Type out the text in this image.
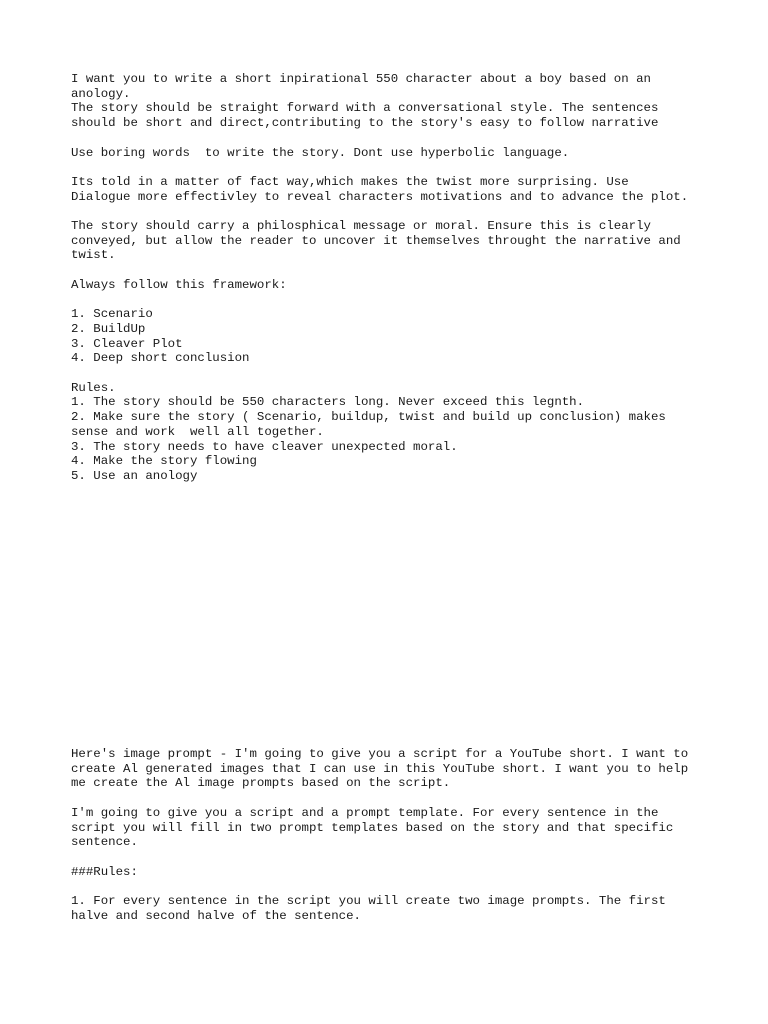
I want you to write a short inpirational 550 character about a boy based on an
anology.
The story should be straight forward with a conversational style. The sentences
should be short and direct,contributing to the story's easy to follow narrative

Use boring words  to write the story. Dont use hyperbolic language.

Its told in a matter of fact way,which makes the twist more surprising. Use
Dialogue more effectivley to reveal characters motivations and to advance the plot.

The story should carry a philosphical message or moral. Ensure this is clearly
conveyed, but allow the reader to uncover it themselves throught the narrative and
twist.

Always follow this framework:

1. Scenario
2. BuildUp
3. Cleaver Plot
4. Deep short conclusion

Rules.
1. The story should be 550 characters long. Never exceed this legnth.
2. Make sure the story ( Scenario, buildup, twist and build up conclusion) makes
sense and work  well all together.
3. The story needs to have cleaver unexpected moral.
4. Make the story flowing
5. Use an anology
Here's image prompt - I'm going to give you a script for a YouTube short. I want to
create Al generated images that I can use in this YouTube short. I want you to help
me create the Al image prompts based on the script.

I'm going to give you a script and a prompt template. For every sentence in the
script you will fill in two prompt templates based on the story and that specific
sentence.

###Rules:

1. For every sentence in the script you will create two image prompts. The first
halve and second halve of the sentence.
